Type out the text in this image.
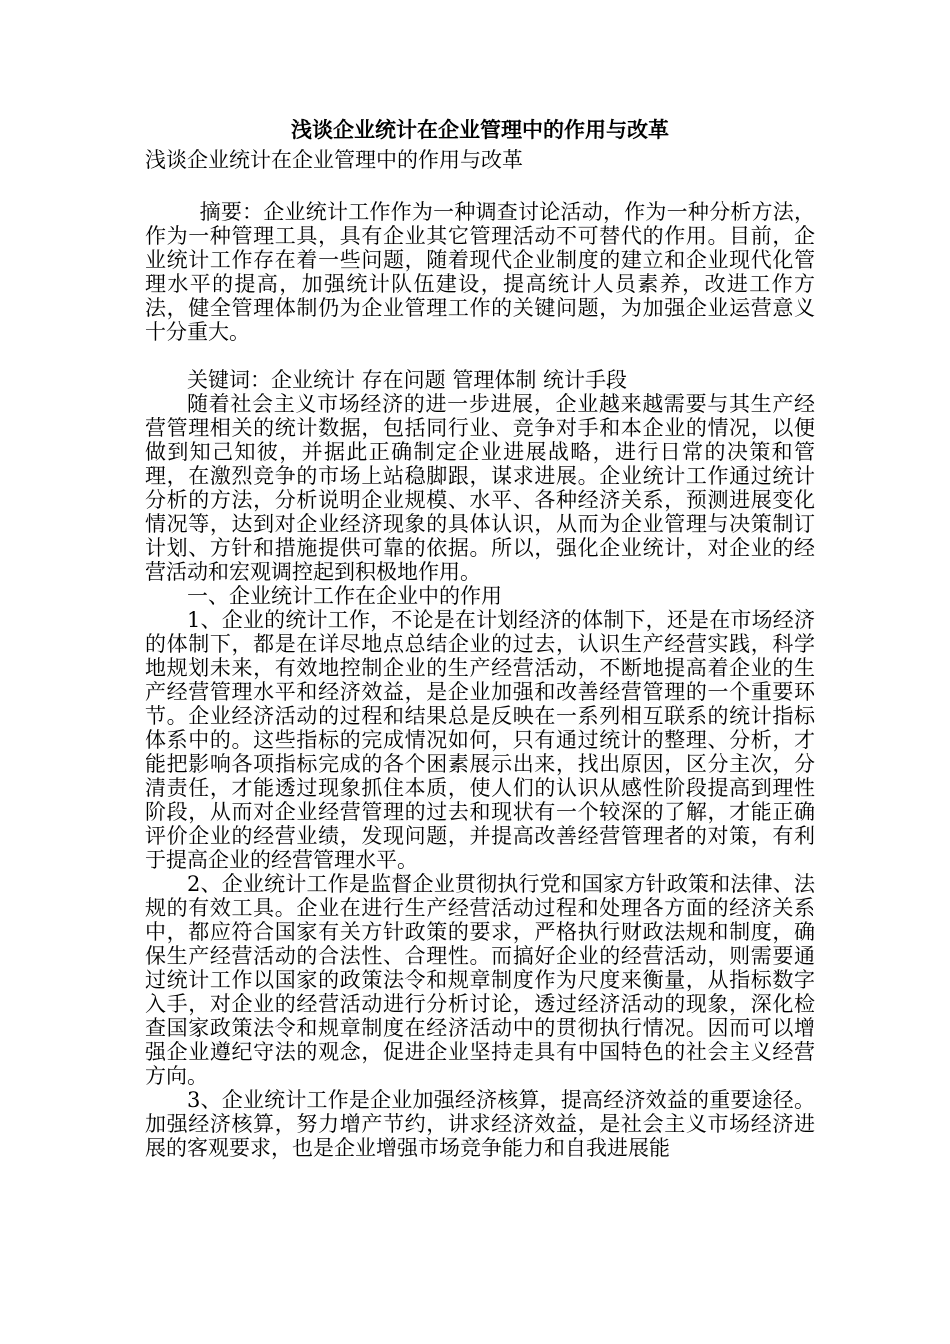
浅谈企业统计在企业管理中的作用与改革

浅谈企业统计在企业管理中的作用与改革

摘要：企业统计工作作为一种调查讨论活动，作为一种分析方法，作为一种管理工具，具有企业其它管理活动不可替代的作用。目前，企业统计工作存在着一些问题，随着现代企业制度的建立和企业现代化管理水平的提高，加强统计队伍建设，提高统计人员素养，改进工作方法，健全管理体制仍为企业管理工作的关键问题，为加强企业运营意义十分重大。

关键词：企业统计 存在问题 管理体制 统计手段

随着社会主义市场经济的进一步进展，企业越来越需要与其生产经营管理相关的统计数据，包括同行业、竞争对手和本企业的情况，以便做到知己知彼，并据此正确制定企业进展战略，进行日常的决策和管理，在激烈竞争的市场上站稳脚跟，谋求进展。企业统计工作通过统计分析的方法，分析说明企业规模、水平、各种经济关系，预测进展变化情况等，达到对企业经济现象的具体认识，从而为企业管理与决策制订计划、方针和措施提供可靠的依据。所以，强化企业统计，对企业的经营活动和宏观调控起到积极地作用。

一、企业统计工作在企业中的作用

1、企业的统计工作，不论是在计划经济的体制下，还是在市场经济的体制下，都是在详尽地点总结企业的过去，认识生产经营实践，科学地规划未来，有效地控制企业的生产经营活动，不断地提高着企业的生产经营管理水平和经济效益，是企业加强和改善经营管理的一个重要环节。企业经济活动的过程和结果总是反映在一系列相互联系的统计指标体系中的。这些指标的完成情况如何，只有通过统计的整理、分析，才能把影响各项指标完成的各个困素展示出来，找出原因，区分主次，分清责任，才能透过现象抓住本质，使人们的认识从感性阶段提高到理性阶段，从而对企业经营管理的过去和现状有一个较深的了解，才能正确评价企业的经营业绩，发现问题，并提高改善经营管理者的对策，有利于提高企业的经营管理水平。

2、企业统计工作是监督企业贯彻执行党和国家方针政策和法律、法规的有效工具。企业在进行生产经营活动过程和处理各方面的经济关系中，都应符合国家有关方针政策的要求，严格执行财政法规和制度，确保生产经营活动的合法性、合理性。而搞好企业的经营活动，则需要通过统计工作以国家的政策法令和规章制度作为尺度来衡量，从指标数字入手，对企业的经营活动进行分析讨论，透过经济活动的现象，深化检查国家政策法令和规章制度在经济活动中的贯彻执行情况。因而可以增强企业遵纪守法的观念，促进企业坚持走具有中国特色的社会主义经营方向。

3、企业统计工作是企业加强经济核算，提高经济效益的重要途径。加强经济核算，努力增产节约，讲求经济效益，是社会主义市场经济进展的客观要求，也是企业增强市场竞争能力和自我进展能
